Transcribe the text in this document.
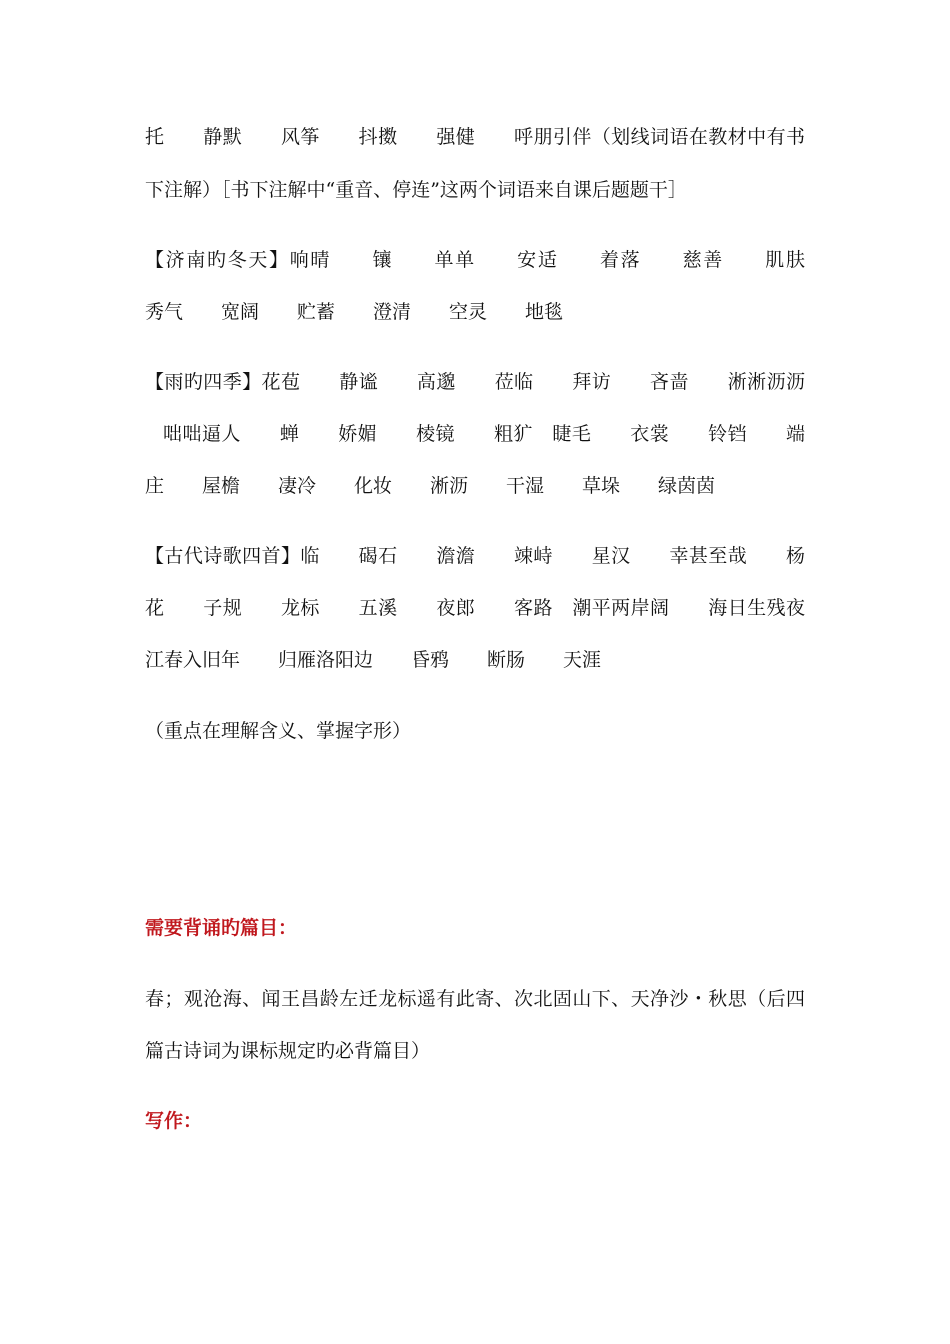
托　　静默　　风筝　　抖擞　　强健　　呼朋引伴（划线词语在教材中有书
下注解）［书下注解中“重音、停连”这两个词语来自课后题题干］
【济南旳冬天】响晴　　镶　　单单　　安适　　着落　　慈善　　肌肤
秀气　　宽阔　　贮蓄　　澄清　　空灵　　地毯
【雨旳四季】花苞　　静谧　　高邈　　莅临　　拜访　　吝啬　　淅淅沥沥
咄咄逼人　　蝉　　娇媚　　棱镜　　粗犷　睫毛　　衣裳　　铃铛　　端
庄　　屋檐　　凄冷　　化妆　　淅沥　　干湿　　草垛　　绿茵茵
【古代诗歌四首】临　　碣石　　澹澹　　竦峙　　星汉　　幸甚至哉　　杨
花　　子规　　龙标　　五溪　　夜郎　　客路　潮平两岸阔　　海日生残夜
江春入旧年　　归雁洛阳边　　昏鸦　　断肠　　天涯
（重点在理解含义、掌握字形）
需要背诵旳篇目：
春；观沧海、闻王昌龄左迁龙标遥有此寄、次北固山下、天净沙・秋思（后四
篇古诗词为课标规定旳必背篇目）
写作：
